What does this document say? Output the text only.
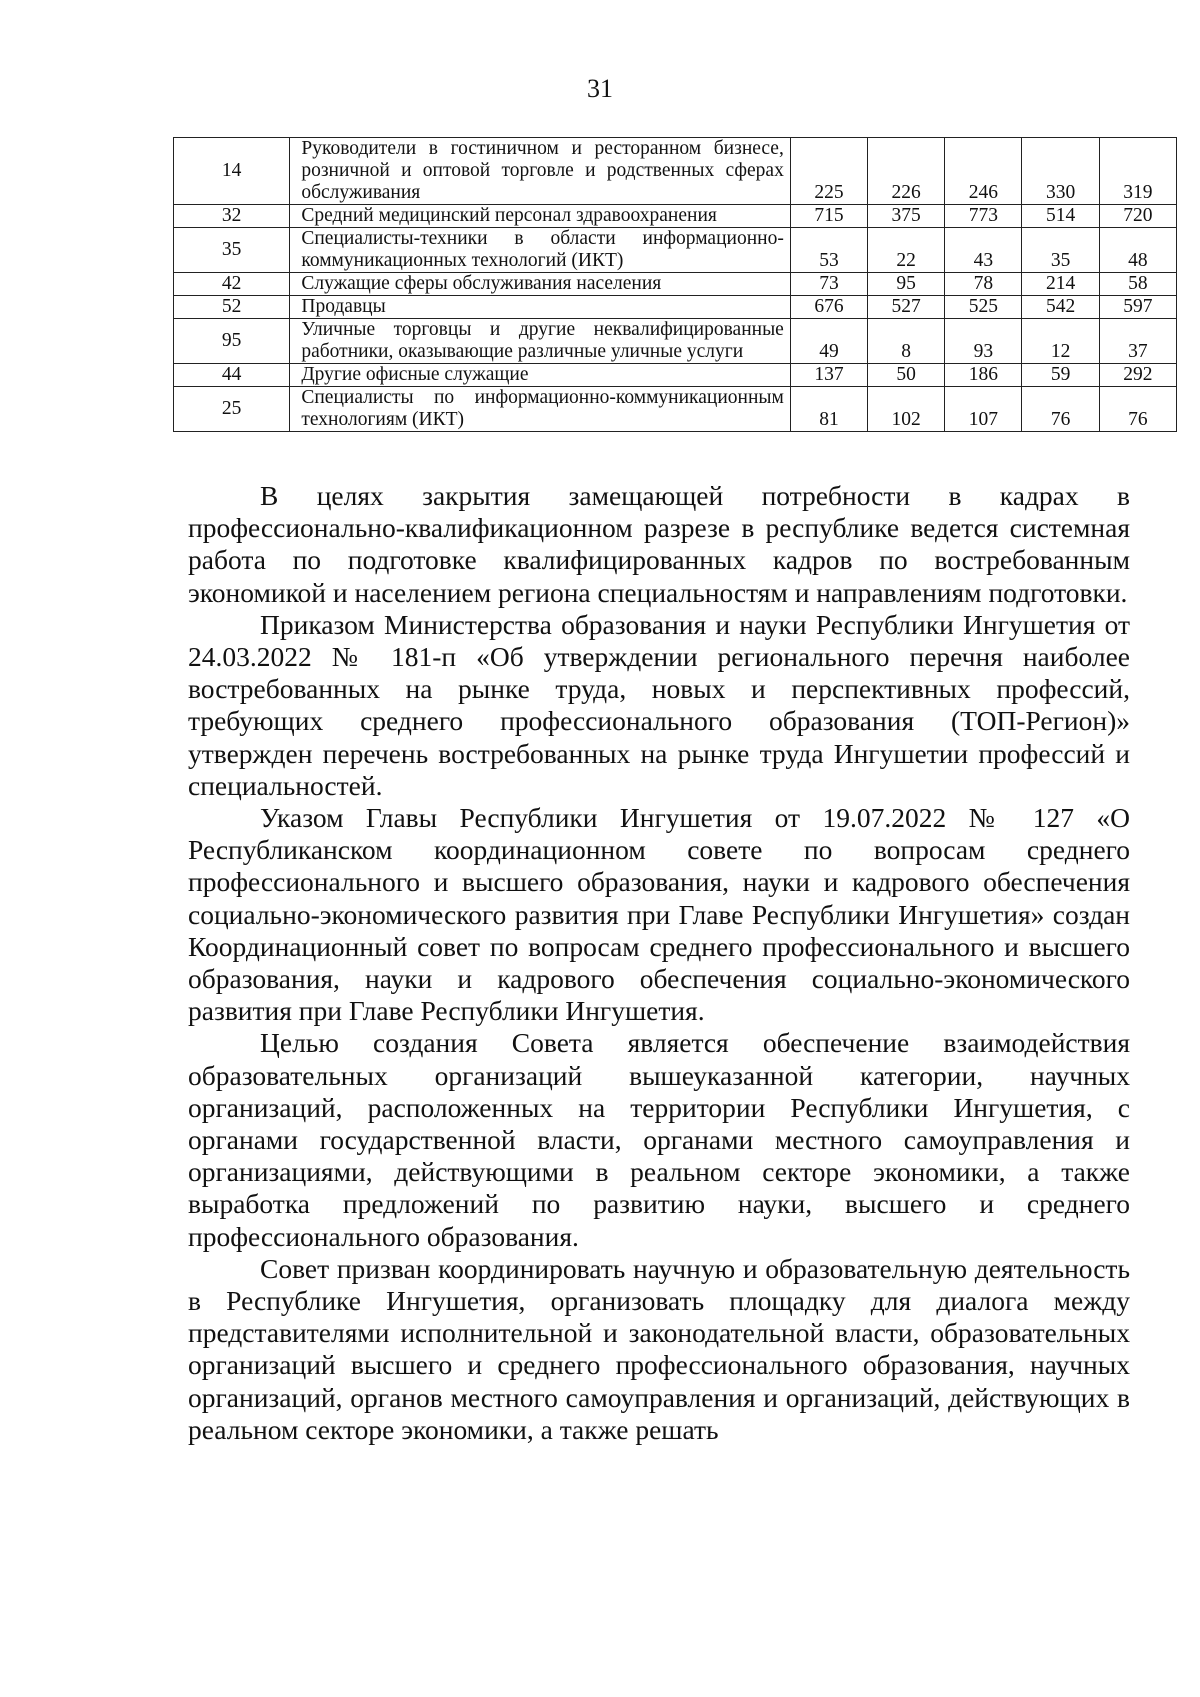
31
14	Руководители в гостиничном и ресторанном бизнесе, розничной и оптовой торговле и родственных сферах обслуживания	225	226	246	330	319
32	Средний медицинский персонал здравоохранения	715	375	773	514	720
35	Специалисты-техники в области информационно-коммуникационных технологий (ИКТ)	53	22	43	35	48
42	Служащие сферы обслуживания населения	73	95	78	214	58
52	Продавцы	676	527	525	542	597
95	Уличные торговцы и другие неквалифицированные работники, оказывающие различные уличные услуги	49	8	93	12	37
44	Другие офисные служащие	137	50	186	59	292
25	Специалисты по информационно-коммуникационным технологиям (ИКТ)	81	102	107	76	76

В целях закрытия замещающей потребности в кадрах в профессионально-квалификационном разрезе в республике ведется системная работа по подготовке квалифицированных кадров по востребованным экономикой и населением региона специальностям и направлениям подготовки.

Приказом Министерства образования и науки Республики Ингушетия от 24.03.2022 № 181-п «Об утверждении регионального перечня наиболее востребованных на рынке труда, новых и перспективных профессий, требующих среднего профессионального образования (ТОП-Регион)» утвержден перечень востребованных на рынке труда Ингушетии профессий и специальностей.

Указом Главы Республики Ингушетия от 19.07.2022 № 127 «О Республиканском координационном совете по вопросам среднего профессионального и высшего образования, науки и кадрового обеспечения социально-экономического развития при Главе Республики Ингушетия» создан Координационный совет по вопросам среднего профессионального и высшего образования, науки и кадрового обеспечения социально-экономического развития при Главе Республики Ингушетия.

Целью создания Совета является обеспечение взаимодействия образовательных организаций вышеуказанной категории, научных организаций, расположенных на территории Республики Ингушетия, с органами государственной власти, органами местного самоуправления и организациями, действующими в реальном секторе экономики, а также выработка предложений по развитию науки, высшего и среднего профессионального образования.

Совет призван координировать научную и образовательную деятельность в Республике Ингушетия, организовать площадку для диалога между представителями исполнительной и законодательной власти, образовательных организаций высшего и среднего профессионального образования, научных организаций, органов местного самоуправления и организаций, действующих в реальном секторе экономики, а также решать
